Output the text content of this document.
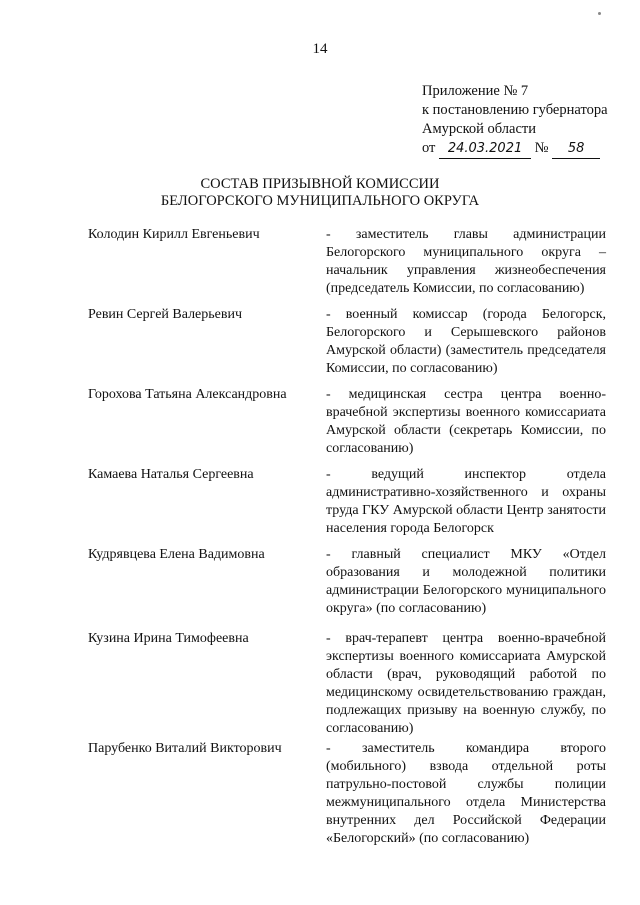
14
Приложение № 7
к постановлению губернатора
Амурской области
от 24.03.2021 № 58
СОСТАВ ПРИЗЫВНОЙ КОМИССИИ
БЕЛОГОРСКОГО МУНИЦИПАЛЬНОГО ОКРУГА
Колодин Кирилл Евгеньевич	- заместитель главы администрации Белогорского муниципального округа – начальник управления жизнеобеспечения (председатель Комиссии, по согласованию)
Ревин Сергей Валерьевич	- военный комиссар (города Белогорск, Белогорского и Серышевского районов Амурской области) (заместитель председателя Комиссии, по согласованию)
Горохова Татьяна Александровна	- медицинская сестра центра военно-врачебной экспертизы военного комиссариата Амурской области (секретарь Комиссии, по согласованию)
Камаева Наталья Сергеевна	- ведущий инспектор отдела административно-хозяйственного и охраны труда ГКУ Амурской области Центр занятости населения города Белогорск
Кудрявцева Елена Вадимовна	- главный специалист МКУ «Отдел образования и молодежной политики администрации Белогорского муниципального округа» (по согласованию)
Кузина Ирина Тимофеевна	- врач-терапевт центра военно-врачебной экспертизы военного комиссариата Амурской области (врач, руководящий работой по медицинскому освидетельствованию граждан, подлежащих призыву на военную службу, по согласованию)
Парубенко Виталий Викторович	- заместитель командира второго (мобильного) взвода отдельной роты патрульно-постовой службы полиции межмуниципального отдела Министерства внутренних дел Российской Федерации «Белогорский» (по согласованию)
